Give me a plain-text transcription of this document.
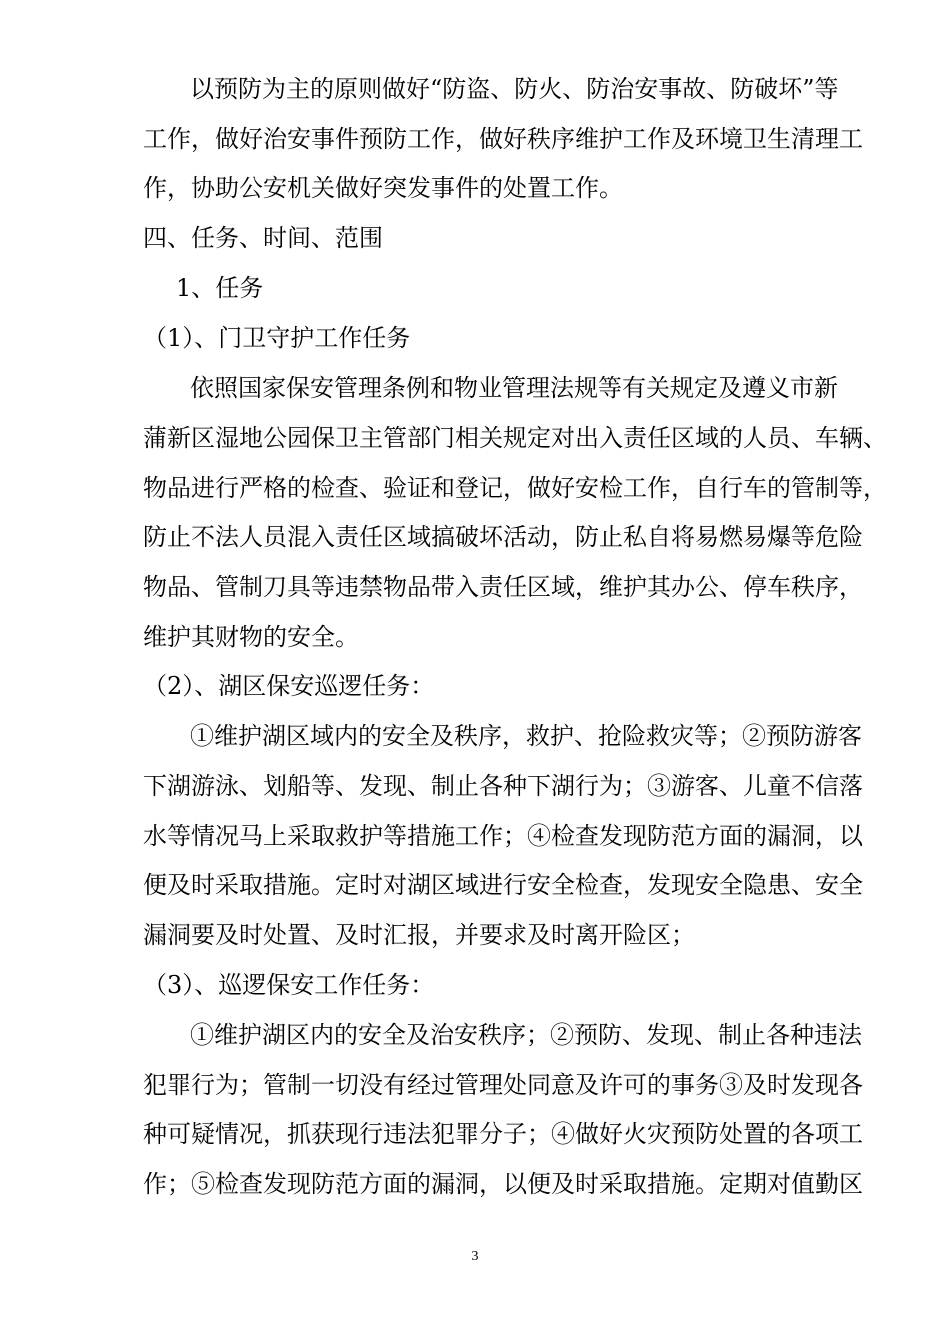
以预防为主的原则做好“防盗、防火、防治安事故、防破坏”等
工作，做好治安事件预防工作，做好秩序维护工作及环境卫生清理工
作，协助公安机关做好突发事件的处置工作。
四、任务、时间、范围
1、任务
（1）、门卫守护工作任务
依照国家保安管理条例和物业管理法规等有关规定及遵义市新
蒲新区湿地公园保卫主管部门相关规定对出入责任区域的人员、车辆、
物品进行严格的检查、验证和登记，做好安检工作，自行车的管制等，
防止不法人员混入责任区域搞破坏活动，防止私自将易燃易爆等危险
物品、管制刀具等违禁物品带入责任区域，维护其办公、停车秩序，
维护其财物的安全。
（2）、湖区保安巡逻任务：
①维护湖区域内的安全及秩序，救护、抢险救灾等；②预防游客
下湖游泳、划船等、发现、制止各种下湖行为；③游客、儿童不信落
水等情况马上采取救护等措施工作；④检查发现防范方面的漏洞，以
便及时采取措施。定时对湖区域进行安全检查，发现安全隐患、安全
漏洞要及时处置、及时汇报，并要求及时离开险区；
（3）、巡逻保安工作任务：
①维护湖区内的安全及治安秩序；②预防、发现、制止各种违法
犯罪行为；管制一切没有经过管理处同意及许可的事务③及时发现各
种可疑情况，抓获现行违法犯罪分子；④做好火灾预防处置的各项工
作；⑤检查发现防范方面的漏洞，以便及时采取措施。定期对值勤区
3
